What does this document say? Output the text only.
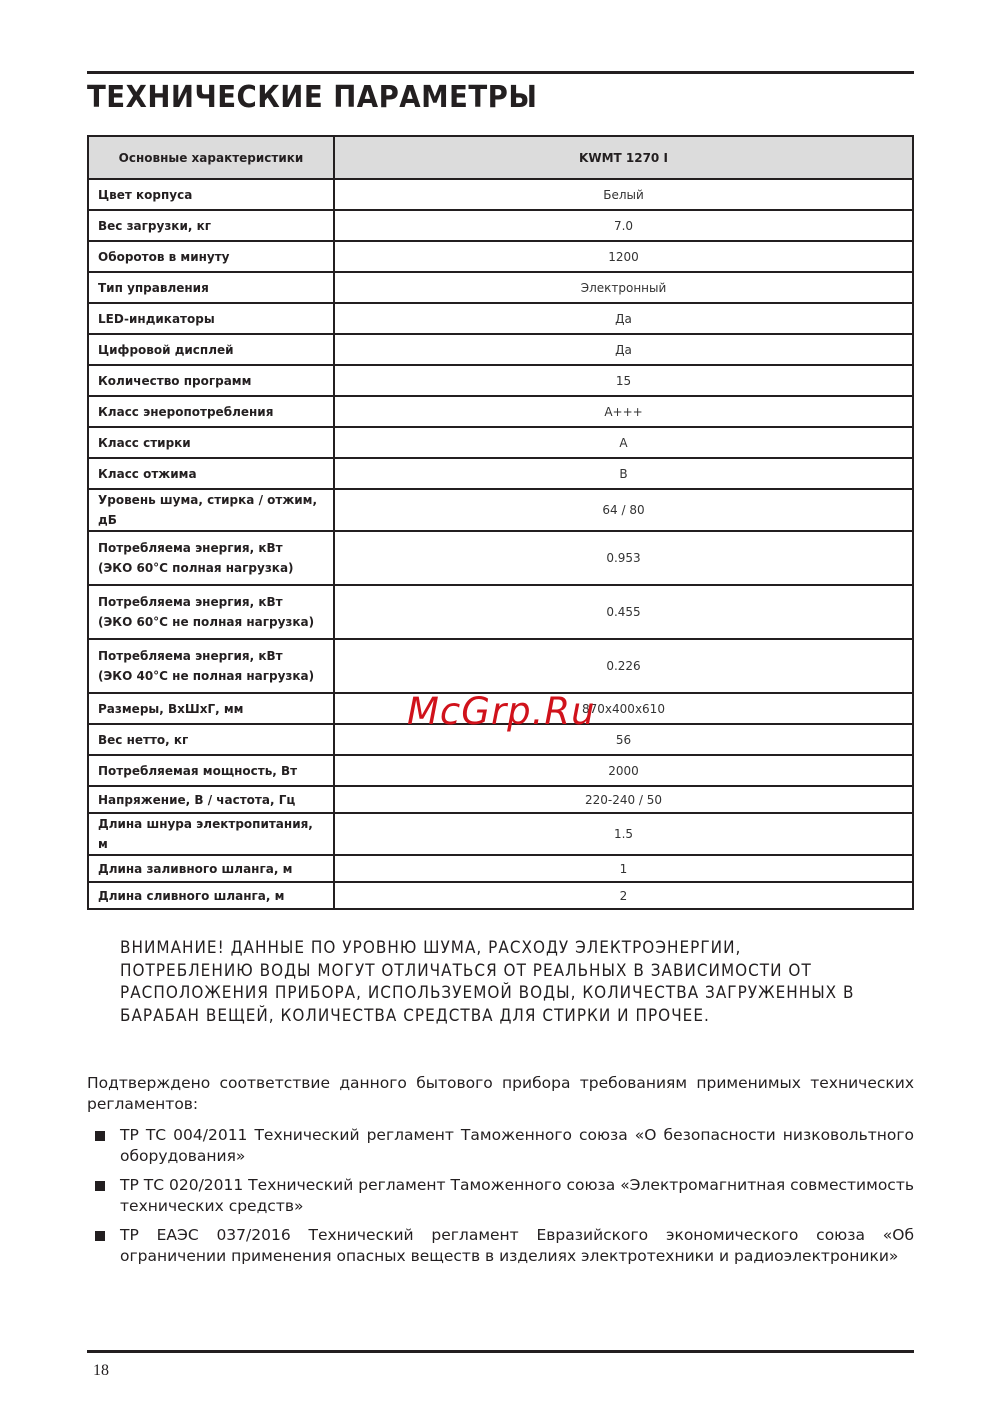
ТЕХНИЧЕСКИЕ ПАРАМЕТРЫ
Основные характеристики	KWMT 1270 I
Цвет корпуса	Белый
Вес загрузки, кг	7.0
Оборотов в минуту	1200
Тип управления	Электронный
LED-индикаторы	Да
Цифровой дисплей	Да
Количество программ	15
Класс энеропотребления	A+++
Класс стирки	A
Класс отжима	B
Уровень шума, стирка / отжим, дБ	64 / 80

Потребляема энергия, кВт
(ЭКО 60°С полная нагрузка)	0.953

Потребляема энергия, кВт
(ЭКО 60°С не полная нагрузка)	0.455

Потребляема энергия, кВт
(ЭКО 40°С не полная нагрузка)	0.226
Размеры, ВхШхГ, мм	870x400x610
Вес нетто, кг	56
Потребляемая мощность, Вт	2000
Напряжение, В / частота, Гц	220-240 / 50
Длина шнура электропитания, м	1.5
Длина заливного шланга, м	1
Длина сливного шланга, м	2
McGrp.Ru

ВНИМАНИЕ! ДАННЫЕ ПО УРОВНЮ ШУМА, РАСХОДУ ЭЛЕКТРОЭНЕРГИИ, ПОТРЕБЛЕНИЮ ВОДЫ МОГУТ ОТЛИЧАТЬСЯ ОТ РЕАЛЬНЫХ В ЗАВИСИМОСТИ ОТ РАСПОЛОЖЕНИЯ ПРИБОРА, ИСПОЛЬЗУЕМОЙ ВОДЫ, КОЛИЧЕСТВА ЗАГРУЖЕННЫХ В БАРАБАН ВЕЩЕЙ, КОЛИЧЕСТВА СРЕДСТВА ДЛЯ СТИРКИ И ПРОЧЕЕ.

Подтверждено соответствие данного бытового прибора требованиям применимых технических регламентов:

ТР ТС 004/2011 Технический регламент Таможенного союза «О безопасности низковольтного оборудования»
ТР ТС 020/2011 Технический регламент Таможенного союза «Электромагнитная совместимость технических средств»
ТР ЕАЭС 037/2016 Технический регламент Евразийского экономического союза «Об ограничении применения опасных веществ в изделиях электротехники и радиоэлектроники»
18
